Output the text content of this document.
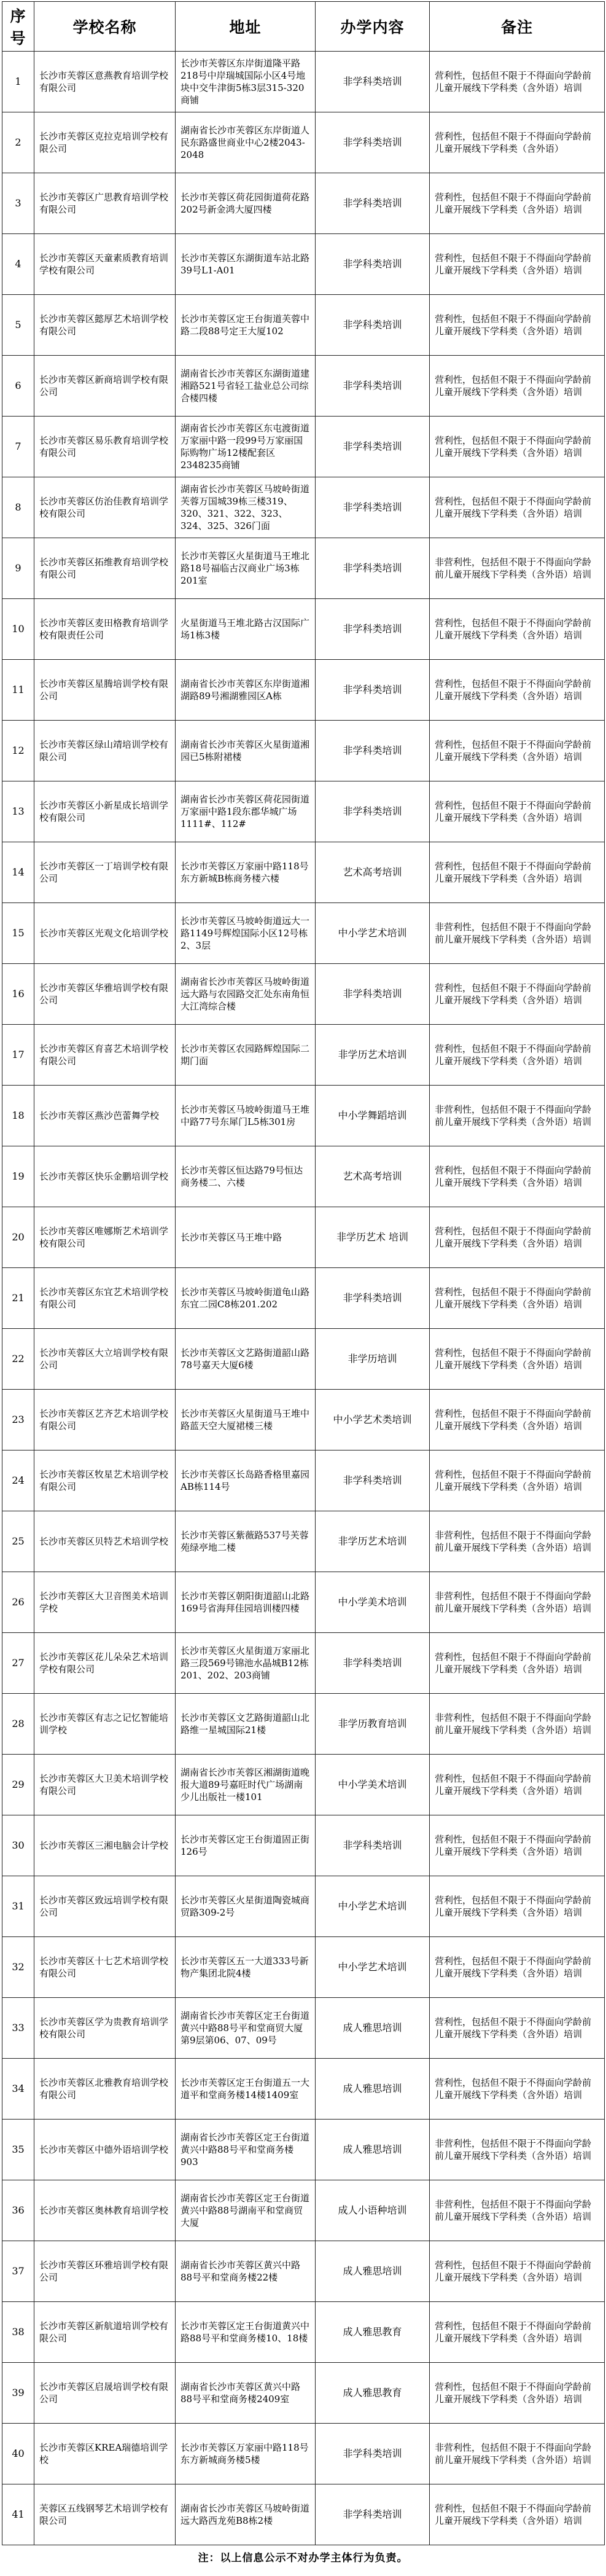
序号	学校名称	地址	办学内容	备注
1	长沙市芙蓉区意燕教育培训学校有限公司	长沙市芙蓉区东岸街道隆平路218号中岸瑞城国际小区4号地块中交牛津街5栋3层315-320商铺	非学科类培训	营利性，包括但不限于不得面向学龄前儿童开展线下学科类（含外语）培训
2	长沙市芙蓉区克拉克培训学校有限公司	湖南省长沙市芙蓉区东岸街道人民东路盛世商业中心2楼2043-2048	非学科类培训	营利性，包括但不限于不得面向学龄前儿童开展线下学科类（含外语）
3	长沙市芙蓉区广思教育培训学校有限公司	长沙市芙蓉区荷花园街道荷花路202号新金鸿大厦四楼	非学科类培训	营利性，包括但不限于不得面向学龄前儿童开展线下学科类（含外语）培训
4	长沙市芙蓉区天童素质教育培训学校有限公司	长沙市芙蓉区东湖街道车站北路39号L1-A01	非学科类培训	营利性，包括但不限于不得面向学龄前儿童开展线下学科类（含外语）培训
5	长沙市芙蓉区懿厚艺术培训学校有限公司	长沙市芙蓉区定王台街道芙蓉中路二段88号定王大厦102	非学科类培训	营利性，包括但不限于不得面向学龄前儿童开展线下学科类（含外语）培训
6	长沙市芙蓉区新商培训学校有限公司	湖南省长沙市芙蓉区东湖街道建湘路521号省轻工盐业总公司综合楼四楼	非学科类培训	营利性，包括但不限于不得面向学龄前儿童开展线下学科类（含外语）培训
7	长沙市芙蓉区易乐教育培训学校有限公司	湖南省长沙市芙蓉区东屯渡街道万家丽中路一段99号万家丽国际购物广场12楼配套区2348235商铺	非学科类培训	营利性，包括但不限于不得面向学龄前儿童开展线下学科类（含外语）培训
8	长沙市芙蓉区仿治佳教育培训学校有限公司	湖南省长沙市芙蓉区马坡岭街道芙蓉万国城39栋三楼319、320、321、322、323、324、325、326门面	非学科类培训	营利性，包括但不限于不得面向学龄前儿童开展线下学科类（含外语）培训
9	长沙市芙蓉区拓维教育培训学校有限公司	长沙市芙蓉区火星街道马王堆北路18号福临古汉商业广场3栋201室	非学科类培训	非营利性，包括但不限于不得面向学龄前儿童开展线下学科类（含外语）培训
10	长沙市芙蓉区麦田格教育培训学校有限责任公司	火星街道马王堆北路古汉国际广场1栋3楼	非学科类培训	营利性，包括但不限于不得面向学龄前儿童开展线下学科类（含外语）培训
11	长沙市芙蓉区星腾培训学校有限公司	湖南省长沙市芙蓉区东岸街道湘湖路89号湘湖雅园区A栋	非学科类培训	营利性，包括但不限于不得面向学龄前儿童开展线下学科类（含外语）培训
12	长沙市芙蓉区绿山靖培训学校有限公司	湖南省长沙市芙蓉区火星街道湘园已5栋附裙楼	非学科类培训	营利性，包括但不限于不得面向学龄前儿童开展线下学科类（含外语）培训
13	长沙市芙蓉区小新星成长培训学校有限公司	湖南省长沙市芙蓉区荷花园街道万家丽中路1段东郡华城广场1111#、112#	非学科类培训	营利性，包括但不限于不得面向学龄前儿童开展线下学科类（含外语）培训
14	长沙市芙蓉区一丁培训学校有限公司	长沙市芙蓉区万家丽中路118号东方新城B栋商务楼六楼	艺术高考培训	营利性，包括但不限于不得面向学龄前儿童开展线下学科类（含外语）培训
15	长沙市芙蓉区光观文化培训学校	长沙市芙蓉区马坡岭街道远大一路1149号辉煌国际小区12号栋2、3层	中小学艺术培训	非营利性，包括但不限于不得面向学龄前儿童开展线下学科类（含外语）培训
16	长沙市芙蓉区华雅培训学校有限公司	湖南省长沙市芙蓉区马坡岭街道远大路与农园路交汇处东南角恒大江湾综合楼	非学科类培训	营利性，包括但不限于不得面向学龄前儿童开展线下学科类（含外语）培训
17	长沙市芙蓉区育喜艺术培训学校有限公司	长沙市芙蓉区农园路辉煌国际二期门面	非学历艺术培训	营利性，包括但不限于不得面向学龄前儿童开展线下学科类（含外语）培训
18	长沙市芙蓉区燕沙芭蕾舞学校	长沙市芙蓉区马坡岭街道马王堆中路77号东犀门L5栋301房	中小学舞蹈培训	非营利性，包括但不限于不得面向学龄前儿童开展线下学科类（含外语）培训
19	长沙市芙蓉区快乐金鹏培训学校	长沙市芙蓉区恒达路79号恒达商务楼二、六楼	艺术高考培训	营利性，包括但不限于不得面向学龄前儿童开展线下学科类（含外语）培训
20	长沙市芙蓉区唯娜斯艺术培训学校有限公司	长沙市芙蓉区马王堆中路	非学历艺术 培训	营利性，包括但不限于不得面向学龄前儿童开展线下学科类（含外语）培训
21	长沙市芙蓉区东宜艺术培训学校有限公司	长沙市芙蓉区马坡岭街道龟山路东宜二园C8栋201.202	非学科类培训	营利性，包括但不限于不得面向学龄前儿童开展线下学科类（含外语）培训
22	长沙市芙蓉区大立培训学校有限公司	长沙市芙蓉区文艺路街道韶山路78号嘉天大厦6楼	非学历培训	营利性，包括但不限于不得面向学龄前儿童开展线下学科类（含外语）培训
23	长沙市芙蓉区艺齐艺术培训学校有限公司	长沙市芙蓉区火星街道马王堆中路蓝天空大厦裙楼三楼	中小学艺术类培训	营利性，包括但不限于不得面向学龄前儿童开展线下学科类（含外语）培训
24	长沙市芙蓉区牧星艺术培训学校有限公司	长沙市芙蓉区长岛路香格里嘉园AB栋114号	非学科类培训	营利性，包括但不限于不得面向学龄前儿童开展线下学科类（含外语）培训
25	长沙市芙蓉区贝特艺术培训学校	长沙市芙蓉区紫薇路537号芙蓉苑绿亭地二楼	非学历艺术培训	非营利性，包括但不限于不得面向学龄前儿童开展线下学科类（含外语）培训
26	长沙市芙蓉区大卫音图美术培训学校	长沙市芙蓉区朝阳街道韶山北路169号省海拜佳园培训楼四楼	中小学美术培训	非营利性，包括但不限于不得面向学龄前儿童开展线下学科类（含外语）培训
27	长沙市芙蓉区花儿朵朵艺术培训学校有限公司	长沙市芙蓉区火星街道万家丽北路三段569号锦池水晶城B12栋201、202、203商铺	非学科类培训	营利性，包括但不限于不得面向学龄前儿童开展线下学科类（含外语）培训
28	长沙市芙蓉区有志之记忆智能培训学校	长沙市芙蓉区文艺路街道韶山北路维一星城国际21楼	非学历教育培训	非营利性，包括但不限于不得面向学龄前儿童开展线下学科类（含外语）培训
29	长沙市芙蓉区大卫美术培训学校有限公司	湖南省长沙市芙蓉区湘湖街道晚报大道89号嘉旺时代广场湖南少儿出版社一楼101	中小学美术培训	营利性，包括但不限于不得面向学龄前儿童开展线下学科类（含外语）培训
30	长沙市芙蓉区三湘电脑会计学校	长沙市芙蓉区定王台街道固正街126号	非学科类培训	营利性，包括但不限于不得面向学龄前儿童开展线下学科类（含外语）培训
31	长沙市芙蓉区致远培训学校有限公司	长沙市芙蓉区火星街道陶瓷城商贸路309-2号	中小学艺术培训	营利性，包括但不限于不得面向学龄前儿童开展线下学科类（含外语）培训
32	长沙市芙蓉区十七艺术培训学校有限公司	长沙市芙蓉区五一大道333号新物产集团北院4楼	中小学艺术培训	营利性，包括但不限于不得面向学龄前儿童开展线下学科类（含外语）培训
33	长沙市芙蓉区学为贵教育培训学校有限公司	湖南省长沙市芙蓉区定王台街道黄兴中路88号平和堂商贸大厦第9层第06、07、09号	成人雅思培训	营利性，包括但不限于不得面向学龄前儿童开展线下学科类（含外语）培训
34	长沙市芙蓉区北雅教育培训学校有限公司	长沙市芙蓉区定王台街道五一大道平和堂商务楼14楼1409室	成人雅思培训	营利性，包括但不限于不得面向学龄前儿童开展线下学科类（含外语）培训
35	长沙市芙蓉区中德外语培训学校	湖南省长沙市芙蓉区定王台街道黄兴中路88号平和堂商务楼903	成人雅思培训	非营利性，包括但不限于不得面向学龄前儿童开展线下学科类（含外语）培训
36	长沙市芙蓉区奥林教育培训学校	湖南省长沙市芙蓉区定王台街道黄兴中路88号湖南平和堂商贸大厦	成人小语种培训	非营利性，包括但不限于不得面向学龄前儿童开展线下学科类（含外语）培训
37	长沙市芙蓉区环雅培训学校有限公司	湖南省长沙市芙蓉区黄兴中路88号平和堂商务楼22楼	成人雅思培训	营利性，包括但不限于不得面向学龄前儿童开展线下学科类（含外语）培训
38	长沙市芙蓉区新航道培训学校有限公司	长沙市芙蓉区定王台街道黄兴中路88号平和堂商务楼10、18楼	成人雅思教育	营利性，包括但不限于不得面向学龄前儿童开展线下学科类（含外语）培训
39	长沙市芙蓉区启晟培训学校有限公司	湖南省长沙市芙蓉区黄兴中路88号平和堂商务楼2409室	成人雅思教育	营利性，包括但不限于不得面向学龄前儿童开展线下学科类（含外语）培训
40	长沙市芙蓉区KREA瑞德培训学校	长沙市芙蓉区万家丽中路118号东方新城商务楼5楼	非学科类培训	非营利性，包括但不限于不得面向学龄前儿童开展线下学科类（含外语）培训
41	芙蓉区五线钢琴艺术培训学校有限公司	湖南省长沙市芙蓉区马坡岭街道远大路西龙苑B8栋2楼	非学科类培训	营利性，包括但不限于不得面向学龄前儿童开展线下学科类（含外语）培训
注：以上信息公示不对办学主体行为负责。
